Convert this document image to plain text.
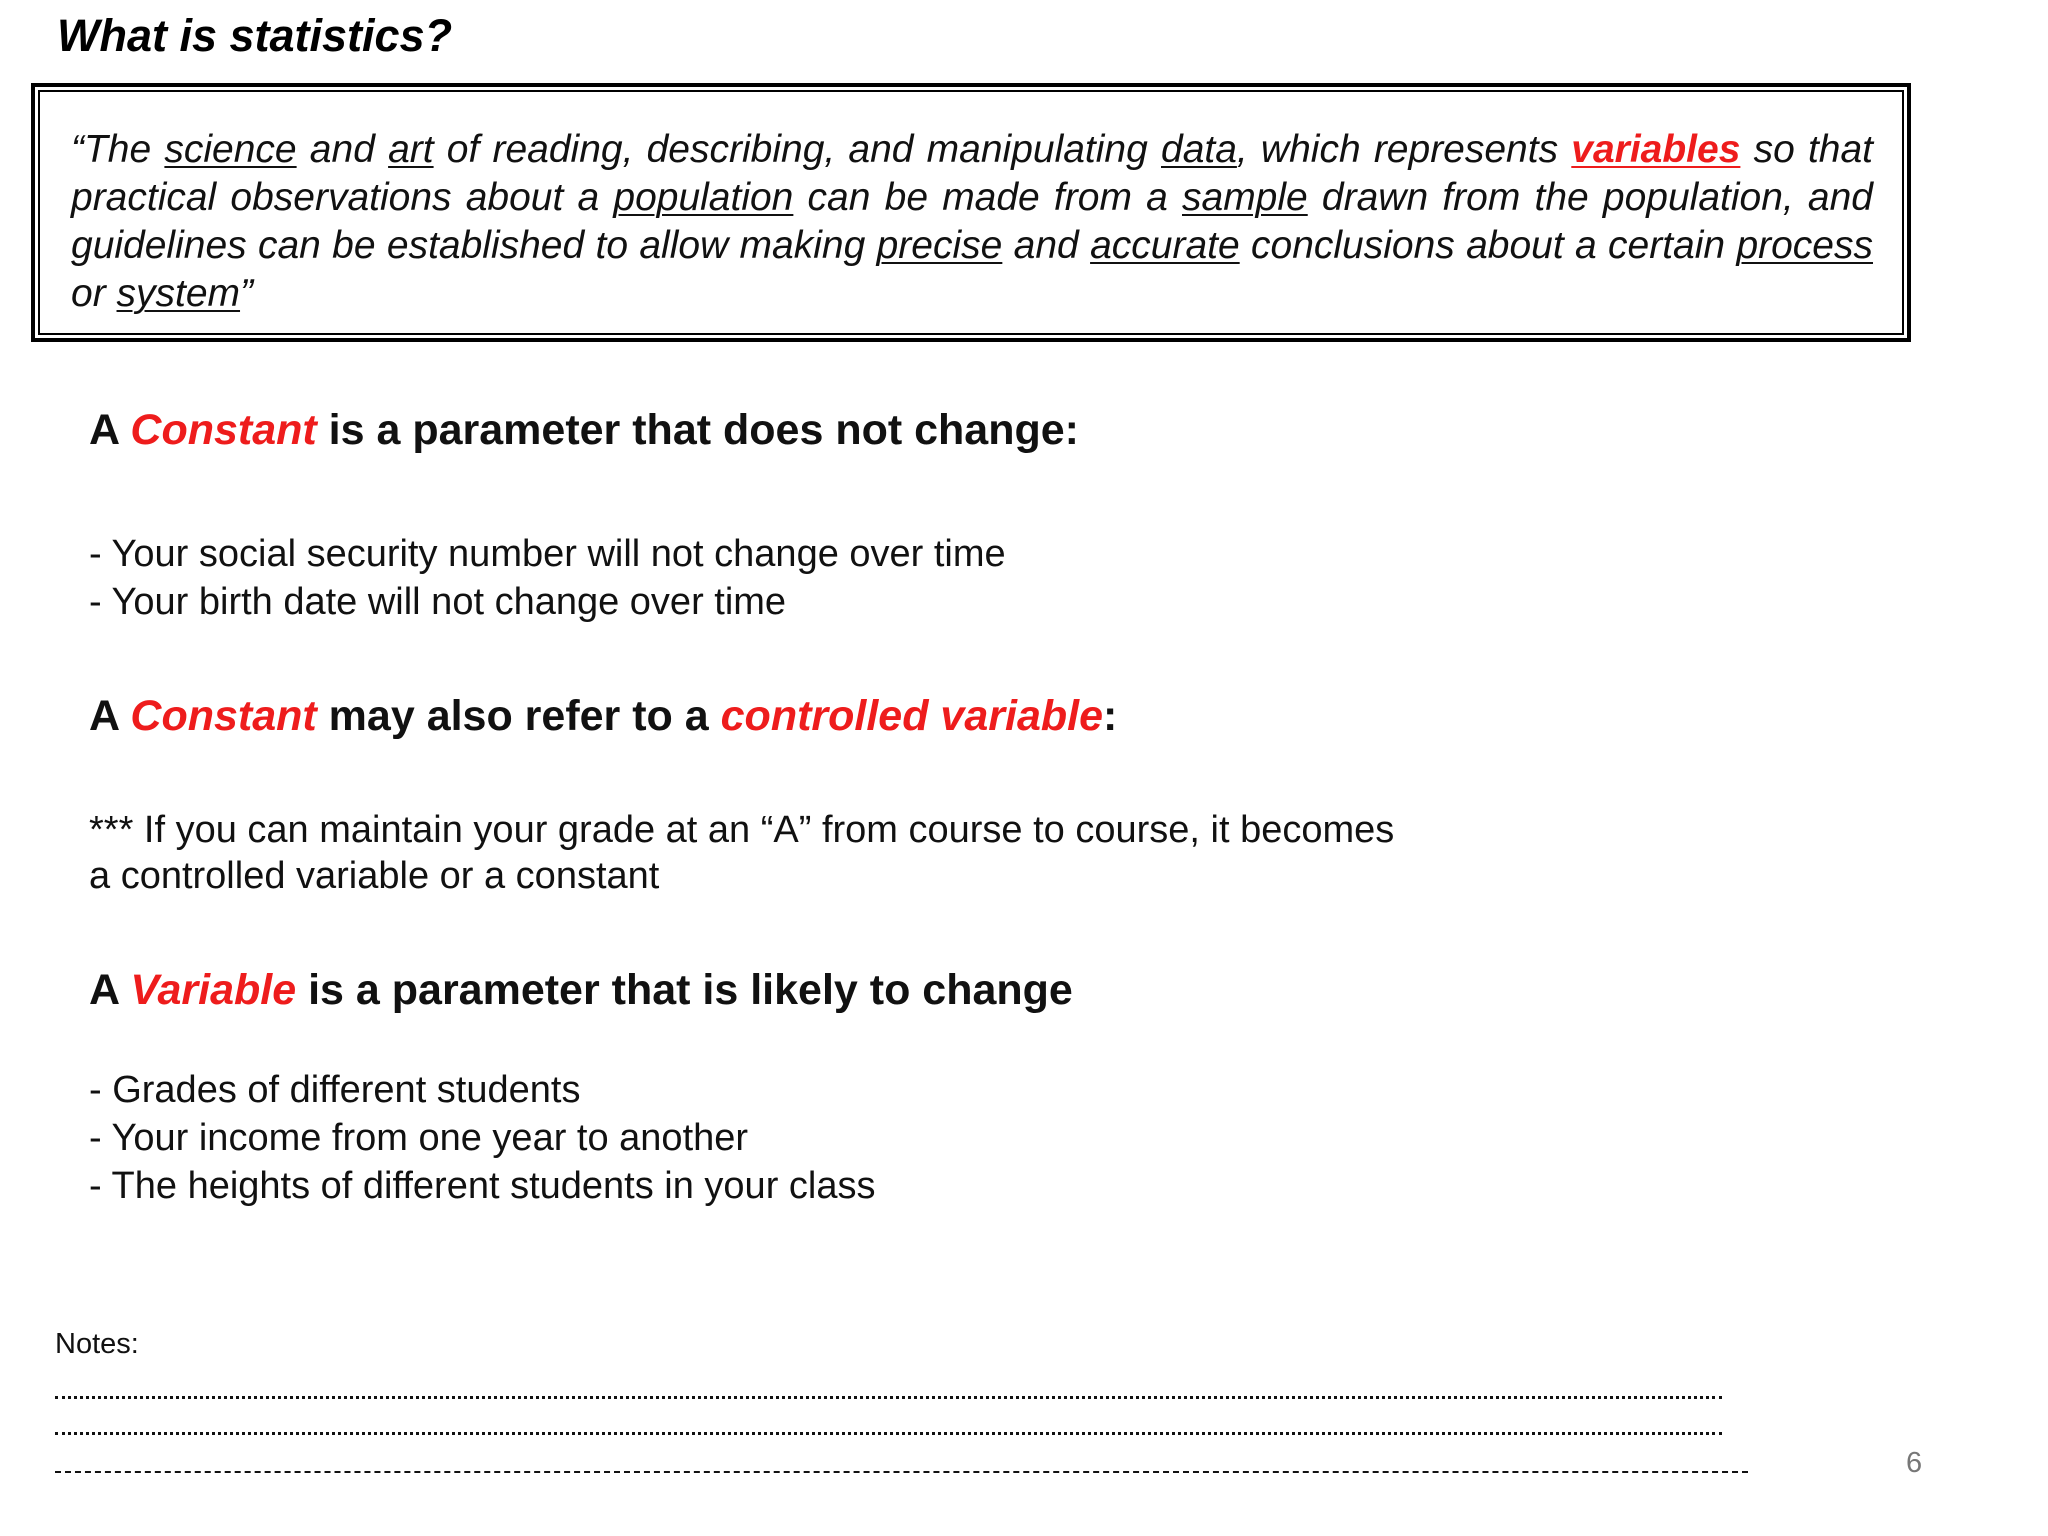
What is statistics?
“The science and art of reading, describing, and manipulating data, which represents variables so that practical observations about a population can be made from a sample drawn from the population, and guidelines can be established to allow making precise and accurate conclusions about a certain process or system”
A Constant is a parameter that does not change:
- Your social security number will not change over time
- Your birth date will not change over time
A Constant may also refer to a controlled variable:
*** If you can maintain your grade at an “A” from course to course, it becomes
a controlled variable or a constant
A Variable is a parameter that is likely to change
- Grades of different students
- Your income from one year to another
- The heights of different students in your class
Notes:
6
